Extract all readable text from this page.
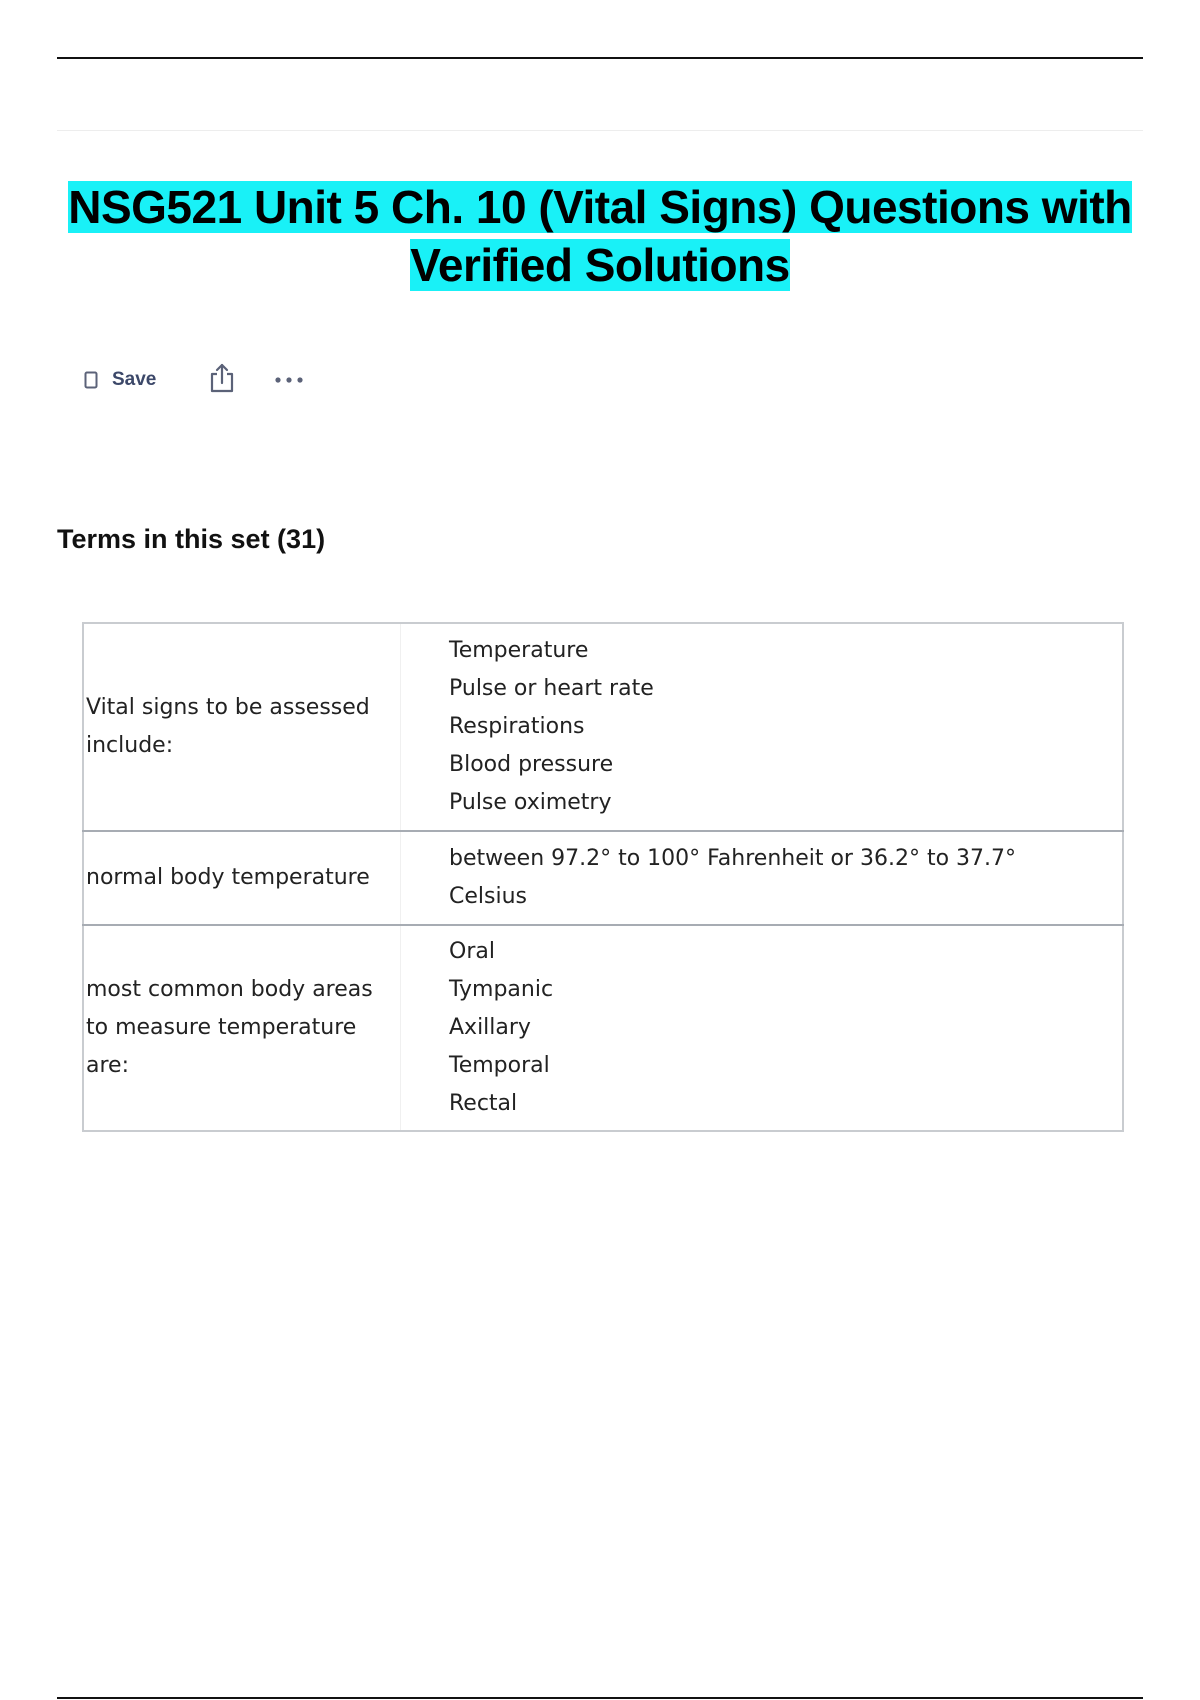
NSG521 Unit 5 Ch. 10 (Vital Signs) Questions with
Verified Solutions
Save
Terms in this set (31)
Vital signs to be assessed include:	Temperature
Pulse or heart rate
Respirations
Blood pressure
Pulse oximetry

normal body temperature	between 97.2° to 100° Fahrenheit or 36.2° to 37.7°
Celsius

most common body areas to measure temperature are:	Oral
Tympanic
Axillary
Temporal
Rectal
